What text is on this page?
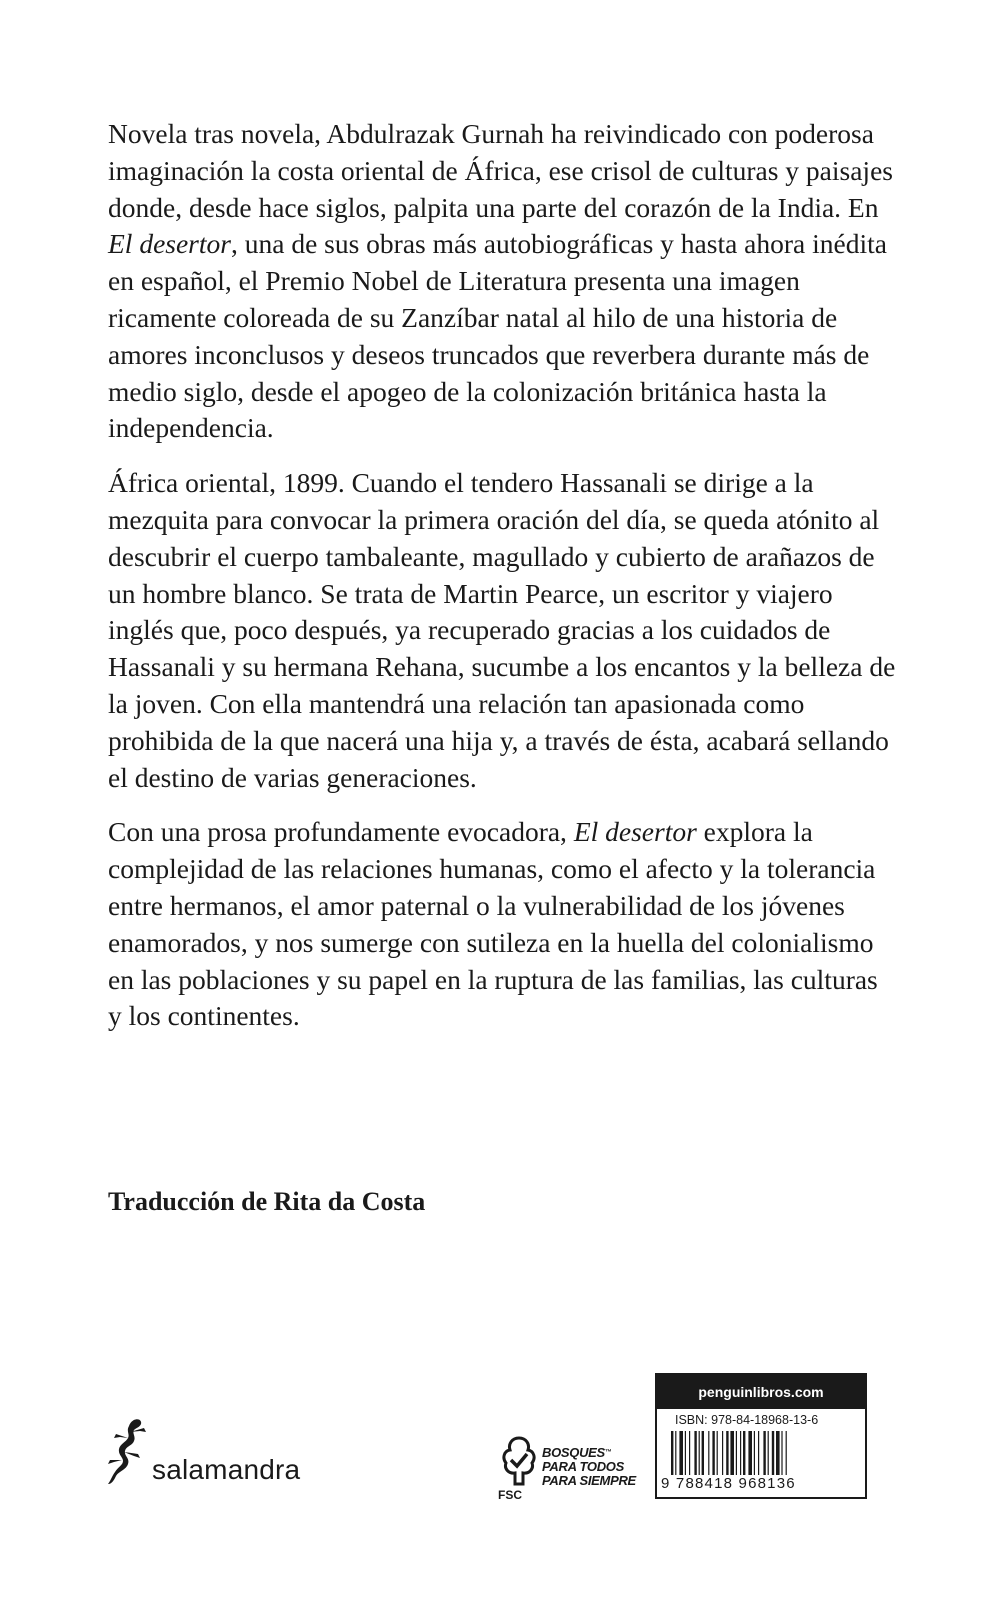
Novela tras novela, Abdulrazak Gurnah ha reivindicado con poderosa imaginación la costa oriental de África, ese crisol de culturas y paisajes donde, desde hace siglos, palpita una parte del corazón de la India. En El desertor, una de sus obras más autobiográficas y hasta ahora inédita en español, el Premio Nobel de Literatura presenta una imagen ricamente coloreada de su Zanzíbar natal al hilo de una historia de amores inconclusos y deseos truncados que reverbera durante más de medio siglo, desde el apogeo de la colonización británica hasta la independencia.

África oriental, 1899. Cuando el tendero Hassanali se dirige a la mezquita para convocar la primera oración del día, se queda atónito al descubrir el cuerpo tambaleante, magullado y cubierto de arañazos de un hombre blanco. Se trata de Martin Pearce, un escritor y viajero inglés que, poco después, ya recuperado gracias a los cuidados de Hassanali y su hermana Rehana, sucumbe a los encantos y la belleza de la joven. Con ella mantendrá una relación tan apasionada como prohibida de la que nacerá una hija y, a través de ésta, acabará sellando el destino de varias generaciones.

Con una prosa profundamente evocadora, El desertor explora la complejidad de las relaciones humanas, como el afecto y la tolerancia entre hermanos, el amor paternal o la vulnerabilidad de los jóvenes enamorados, y nos sumerge con sutileza en la huella del colonialismo en las poblaciones y su papel en la ruptura de las familias, las culturas y los continentes.

Traducción de Rita da Costa
salamandra
FSC
BOSQUES™
PARA TODOS
PARA SIEMPRE
penguinlibros.com
ISBN: 978-84-18968-13-6
9 788418 968136
